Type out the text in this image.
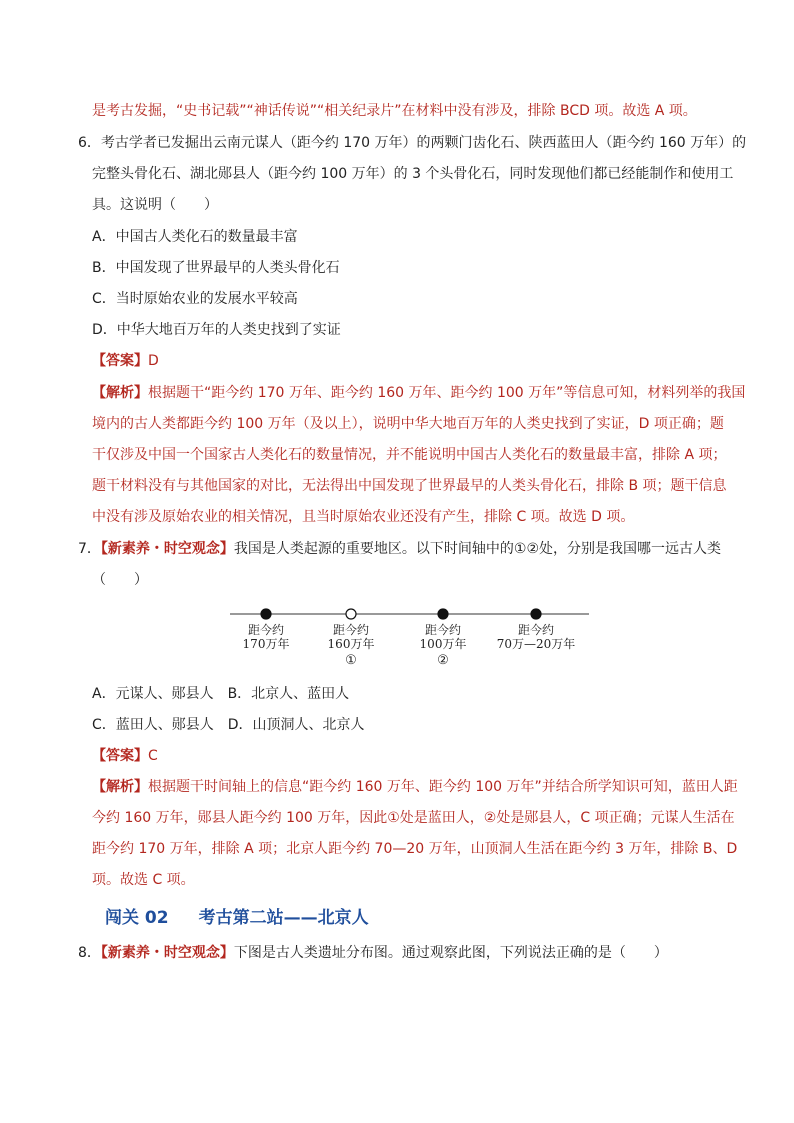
是考古发掘，“史书记载”“神话传说”“相关纪录片”在材料中没有涉及，排除 BCD 项。故选 A 项。
6．考古学者已发掘出云南元谋人（距今约 170 万年）的两颗门齿化石、陕西蓝田人（距今约 160 万年）的
完整头骨化石、湖北郧县人（距今约 100 万年）的 3 个头骨化石，同时发现他们都已经能制作和使用工
具。这说明（　　）
A．中国古人类化石的数量最丰富
B．中国发现了世界最早的人类头骨化石
C．当时原始农业的发展水平较高
D．中华大地百万年的人类史找到了实证
【答案】D
【解析】根据题干“距今约 170 万年、距今约 160 万年、距今约 100 万年”等信息可知，材料列举的我国
境内的古人类都距今约 100 万年（及以上），说明中华大地百万年的人类史找到了实证，D 项正确；题
干仅涉及中国一个国家古人类化石的数量情况，并不能说明中国古人类化石的数量最丰富，排除 A 项；
题干材料没有与其他国家的对比，无法得出中国发现了世界最早的人类头骨化石，排除 B 项；题干信息
中没有涉及原始农业的相关情况，且当时原始农业还没有产生，排除 C 项。故选 D 项。
7．【新素养・时空观念】我国是人类起源的重要地区。以下时间轴中的①②处，分别是我国哪一远古人类
（　　）
距今约
170万年
距今约
160万年
①
距今约
100万年
②
距今约
70万—20万年
A．元谋人、郧县人　B．北京人、蓝田人
C．蓝田人、郧县人　D．山顶洞人、北京人
【答案】C
【解析】根据题干时间轴上的信息“距今约 160 万年、距今约 100 万年”并结合所学知识可知，蓝田人距
今约 160 万年，郧县人距今约 100 万年，因此①处是蓝田人，②处是郧县人，C 项正确；元谋人生活在
距今约 170 万年，排除 A 项；北京人距今约 70—20 万年，山顶洞人生活在距今约 3 万年，排除 B、D
项。故选 C 项。
闯关 02 考古第二站——北京人
8．【新素养・时空观念】下图是古人类遗址分布图。通过观察此图，下列说法正确的是（　　）
